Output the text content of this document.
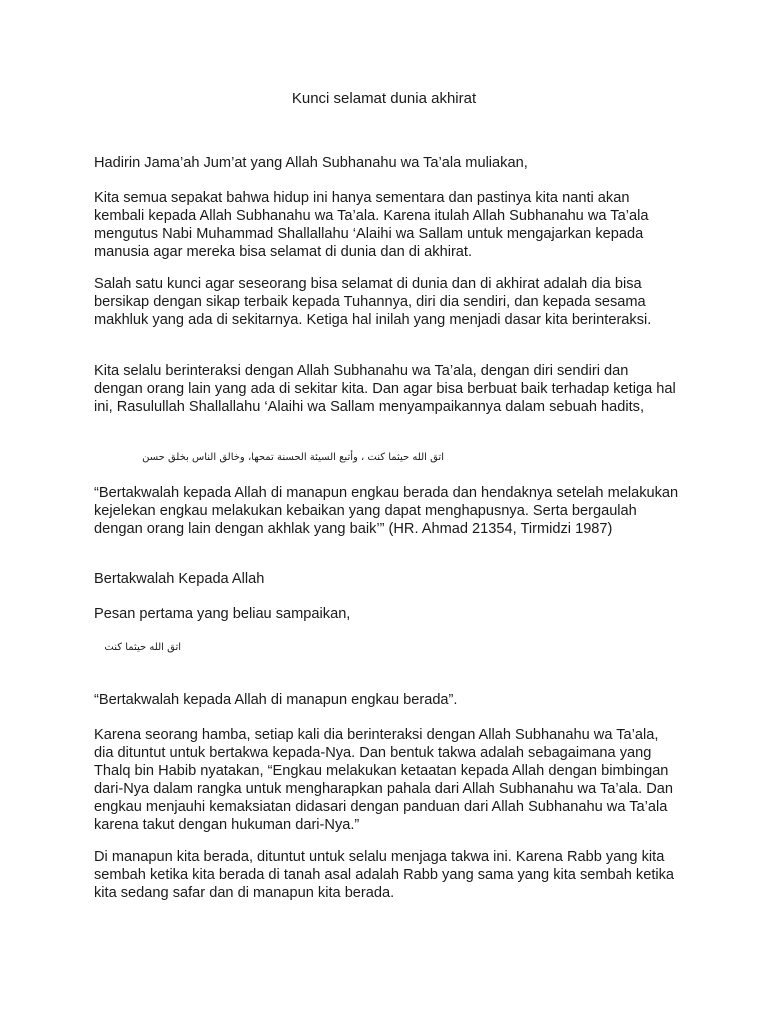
Kunci selamat dunia akhirat

Hadirin Jama’ah Jum’at yang Allah Subhanahu wa Ta’ala muliakan,

Kita semua sepakat bahwa hidup ini hanya sementara dan pastinya kita nanti akan kembali kepada Allah Subhanahu wa Ta’ala. Karena itulah Allah Subhanahu wa Ta’ala mengutus Nabi Muhammad Shallallahu ‘Alaihi wa Sallam untuk mengajarkan kepada manusia agar mereka bisa selamat di dunia dan di akhirat.

Salah satu kunci agar seseorang bisa selamat di dunia dan di akhirat adalah dia bisa bersikap dengan sikap terbaik kepada Tuhannya, diri dia sendiri, dan kepada sesama makhluk yang ada di sekitarnya. Ketiga hal inilah yang menjadi dasar kita berinteraksi.

Kita selalu berinteraksi dengan Allah Subhanahu wa Ta’ala, dengan diri sendiri dan dengan orang lain yang ada di sekitar kita. Dan agar bisa berbuat baik terhadap ketiga hal ini, Rasulullah Shallallahu ‘Alaihi wa Sallam menyampaikannya dalam sebuah hadits,

اتق الله حيثما كنت ، وأتبع السيئة الحسنة تمحها، وخالق الناس بخلق حسن

“Bertakwalah kepada Allah di manapun engkau berada dan hendaknya setelah melakukan kejelekan engkau melakukan kebaikan yang dapat menghapusnya. Serta bergaulah dengan orang lain dengan akhlak yang baik’” (HR. Ahmad 21354, Tirmidzi 1987)

Bertakwalah Kepada Allah

Pesan pertama yang beliau sampaikan,

اتق الله حيثما كنت

“Bertakwalah kepada Allah di manapun engkau berada”.

Karena seorang hamba, setiap kali dia berinteraksi dengan Allah Subhanahu wa Ta’ala, dia dituntut untuk bertakwa kepada-Nya. Dan bentuk takwa adalah sebagaimana yang Thalq bin Habib nyatakan, “Engkau melakukan ketaatan kepada Allah dengan bimbingan dari-Nya dalam rangka untuk mengharapkan pahala dari Allah Subhanahu wa Ta’ala. Dan engkau menjauhi kemaksiatan didasari dengan panduan dari Allah Subhanahu wa Ta’ala karena takut dengan hukuman dari-Nya.”

Di manapun kita berada, dituntut untuk selalu menjaga takwa ini. Karena Rabb yang kita sembah ketika kita berada di tanah asal adalah Rabb yang sama yang kita sembah ketika kita sedang safar dan di manapun kita berada.
